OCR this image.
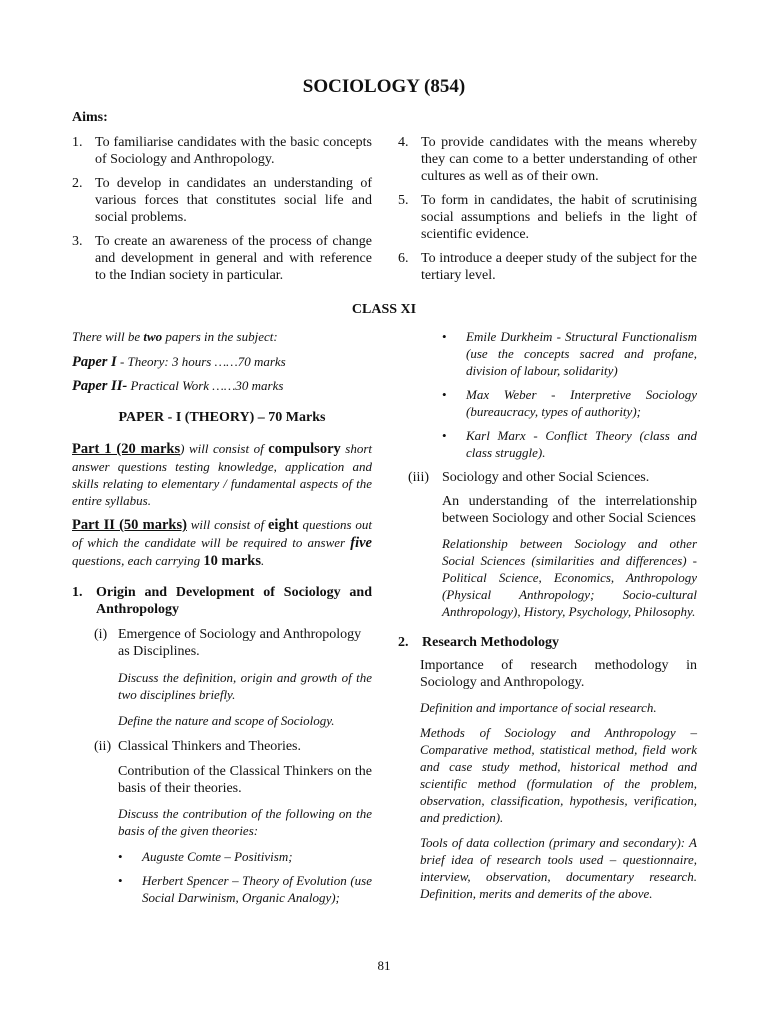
SOCIOLOGY (854)
Aims:
1. To familiarise candidates with the basic concepts of Sociology and Anthropology.
2. To develop in candidates an understanding of various forces that constitutes social life and social problems.
3. To create an awareness of the process of change and development in general and with reference to the Indian society in particular.
4. To provide candidates with the means whereby they can come to a better understanding of other cultures as well as of their own.
5. To form in candidates, the habit of scrutinising social assumptions and beliefs in the light of scientific evidence.
6. To introduce a deeper study of the subject for the tertiary level.
CLASS XI

There will be two papers in the subject:

Paper I - Theory: 3 hours ……70 marks

Paper II- Practical Work ……30 marks

PAPER - I (THEORY) – 70 Marks

Part 1 (20 marks) will consist of compulsory short answer questions testing knowledge, application and skills relating to elementary / fundamental aspects of the entire syllabus.

Part II (50 marks) will consist of eight questions out of which the candidate will be required to answer five questions, each carrying 10 marks.

1. Origin and Development of Sociology and Anthropology
(i) Emergence of Sociology and Anthropology as Disciplines.

Discuss the definition, origin and growth of the two disciplines briefly.

Define the nature and scope of Sociology.

(ii) Classical Thinkers and Theories.

Contribution of the Classical Thinkers on the basis of their theories.

Discuss the contribution of the following on the basis of the given theories:

•	Auguste Comte – Positivism;
•	Herbert Spencer – Theory of Evolution (use Social Darwinism, Organic Analogy);
•	Emile Durkheim - Structural Functionalism (use the concepts sacred and profane, division of labour, solidarity)
•	Max Weber - Interpretive Sociology (bureaucracy, types of authority);
•	Karl Marx - Conflict Theory (class and class struggle).
(iii) Sociology and other Social Sciences.

An understanding of the interrelationship between Sociology and other Social Sciences

Relationship between Sociology and other Social Sciences (similarities and differences) - Political Science, Economics, Anthropology (Physical Anthropology; Socio-cultural Anthropology), History, Psychology, Philosophy.

2. Research Methodology

Importance of research methodology in Sociology and Anthropology.

Definition and importance of social research.

Methods of Sociology and Anthropology – Comparative method, statistical method, field work and case study method, historical method and scientific method (formulation of the problem, observation, classification, hypothesis, verification, and prediction).

Tools of data collection (primary and secondary): A brief idea of research tools used – questionnaire, interview, observation, documentary research. Definition, merits and demerits of the above.

81
